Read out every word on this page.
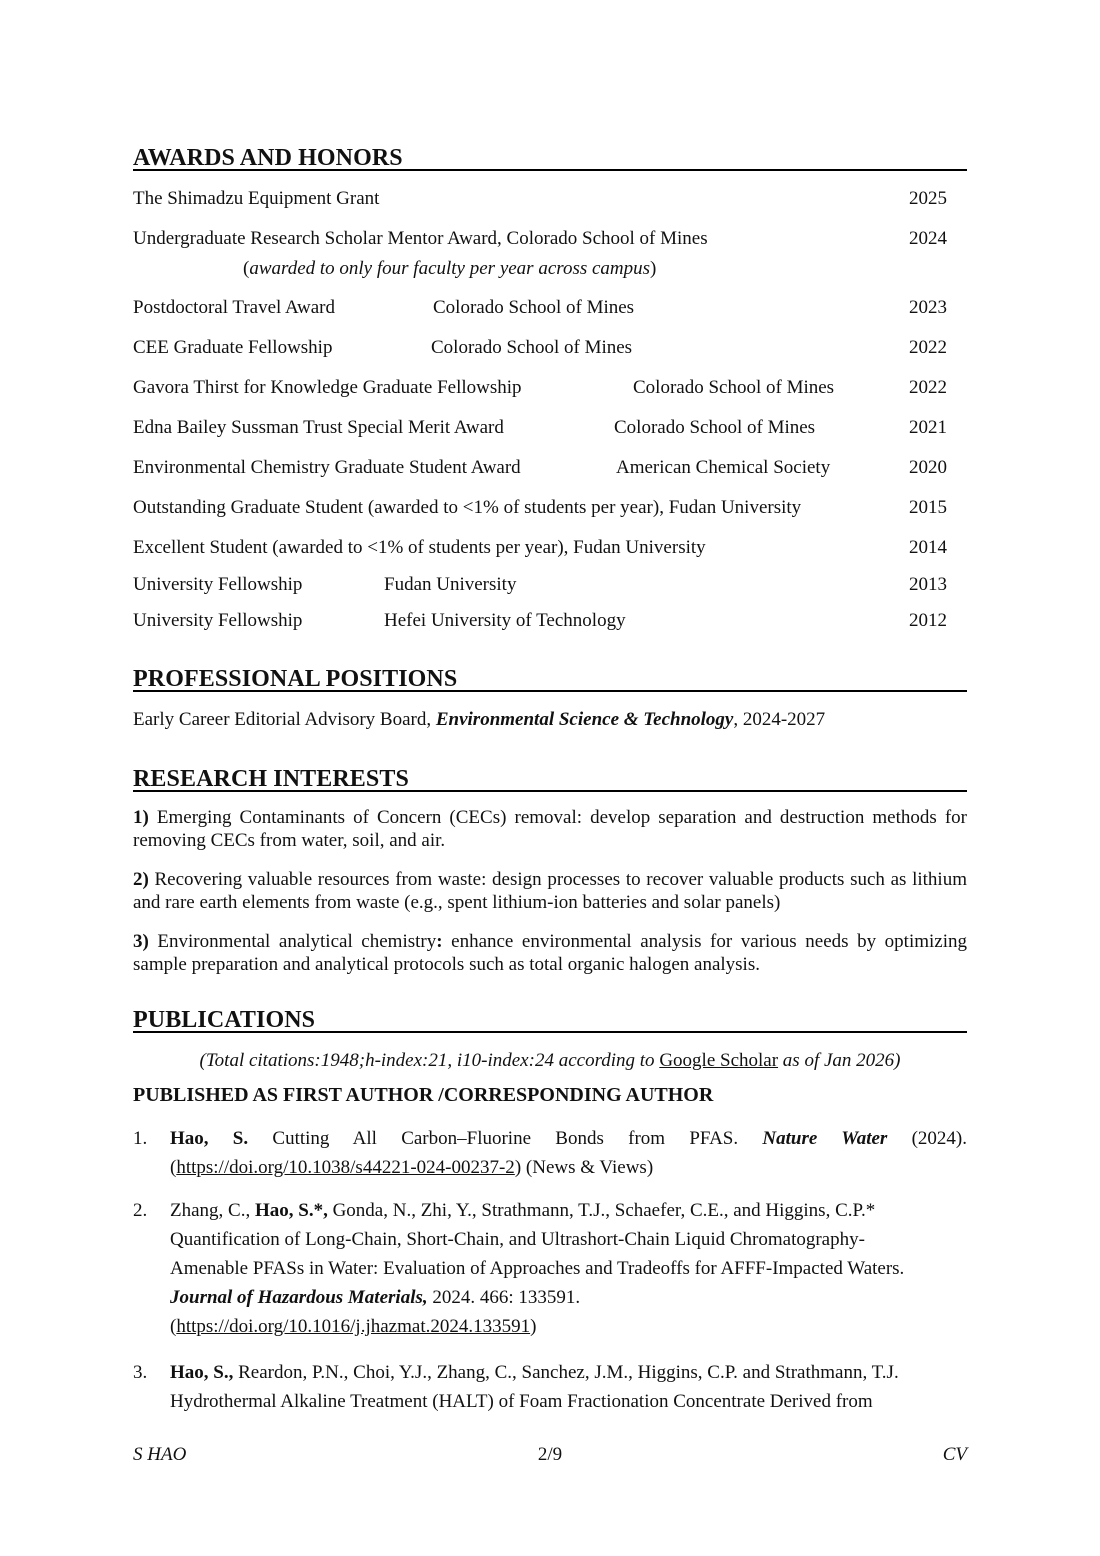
AWARDS AND HONORS
The Shimadzu Equipment Grant	2025
Undergraduate Research Scholar Mentor Award, Colorado School of Mines	2024
(awarded to only four faculty per year across campus)
Postdoctoral Travel Award	Colorado School of Mines	2023
CEE Graduate Fellowship	Colorado School of Mines	2022
Gavora Thirst for Knowledge Graduate Fellowship	Colorado School of Mines	2022
Edna Bailey Sussman Trust Special Merit Award	Colorado School of Mines	2021
Environmental Chemistry Graduate Student Award	American Chemical Society	2020
Outstanding Graduate Student (awarded to <1% of students per year), Fudan University	2015
Excellent Student (awarded to <1% of students per year), Fudan University	2014
University Fellowship	Fudan University	2013
University Fellowship	Hefei University of Technology	2012
PROFESSIONAL POSITIONS
Early Career Editorial Advisory Board, Environmental Science & Technology, 2024-2027
RESEARCH INTERESTS
1) Emerging Contaminants of Concern (CECs) removal: develop separation and destruction methods for removing CECs from water, soil, and air.
2) Recovering valuable resources from waste: design processes to recover valuable products such as lithium and rare earth elements from waste (e.g., spent lithium-ion batteries and solar panels)
3) Environmental analytical chemistry: enhance environmental analysis for various needs by optimizing sample preparation and analytical protocols such as total organic halogen analysis.
PUBLICATIONS
(Total citations:1948;h-index:21, i10-index:24 according to Google Scholar as of Jan 2026)
PUBLISHED AS FIRST AUTHOR /CORRESPONDING AUTHOR
1. Hao, S. Cutting All Carbon–Fluorine Bonds from PFAS. Nature Water (2024).
(https://doi.org/10.1038/s44221-024-00237-2) (News & Views)
2. Zhang, C., Hao, S.*, Gonda, N., Zhi, Y., Strathmann, T.J., Schaefer, C.E., and Higgins, C.P.*
Quantification of Long-Chain, Short-Chain, and Ultrashort-Chain Liquid Chromatography-
Amenable PFASs in Water: Evaluation of Approaches and Tradeoffs for AFFF-Impacted Waters.
Journal of Hazardous Materials, 2024. 466: 133591.
(https://doi.org/10.1016/j.jhazmat.2024.133591)
3. Hao, S., Reardon, P.N., Choi, Y.J., Zhang, C., Sanchez, J.M., Higgins, C.P. and Strathmann, T.J.
Hydrothermal Alkaline Treatment (HALT) of Foam Fractionation Concentrate Derived from
S HAO	2/9	CV
